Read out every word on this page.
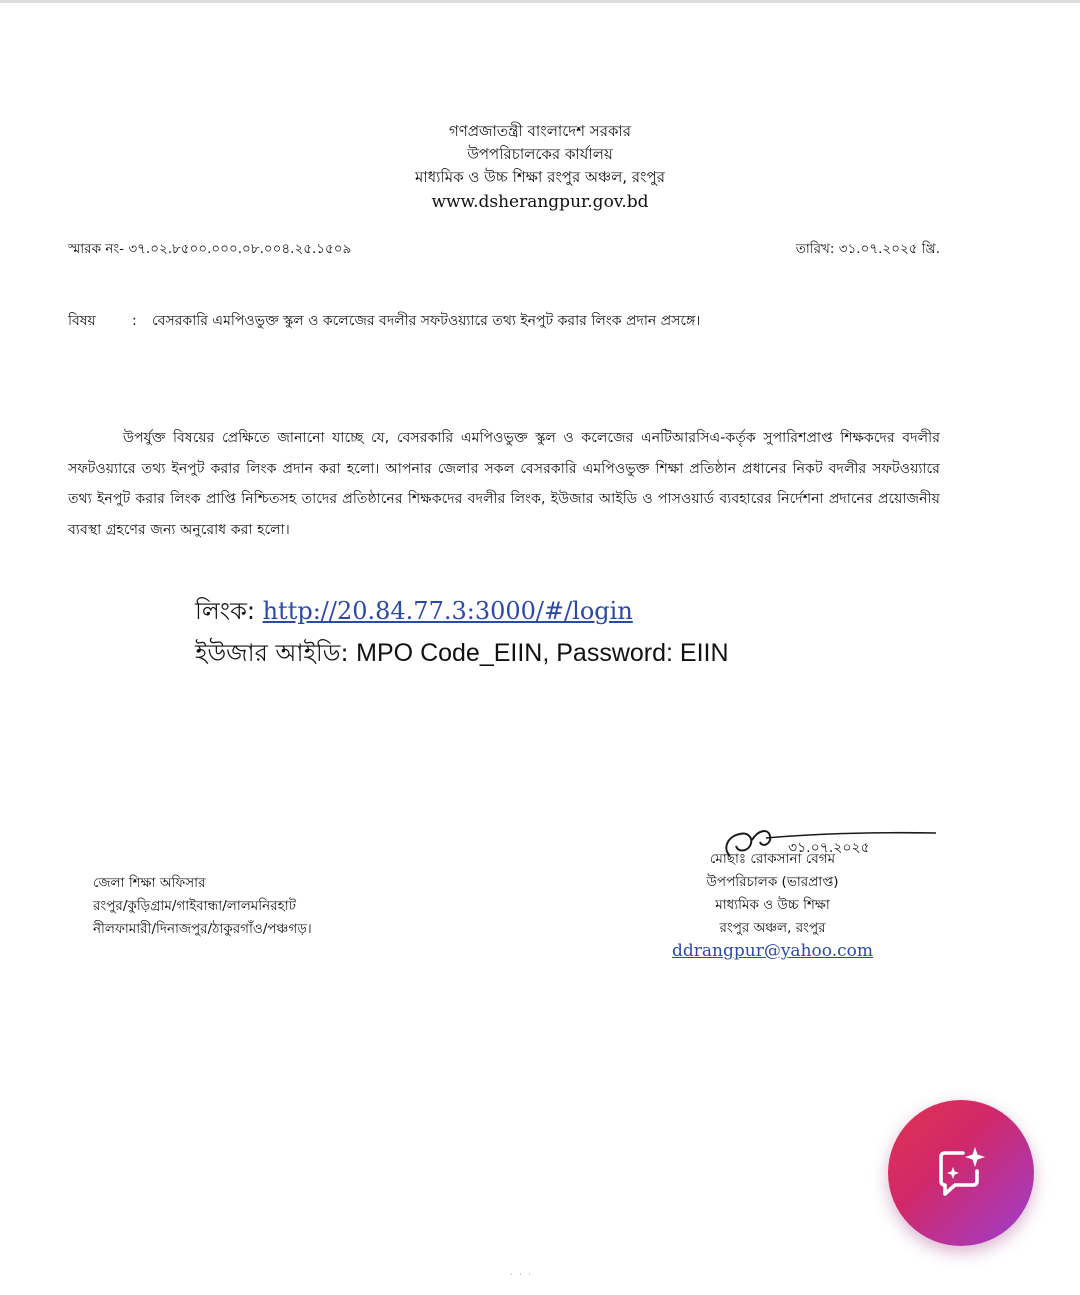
গণপ্রজাতন্ত্রী বাংলাদেশ সরকার
উপপরিচালকের কার্যালয়
মাধ্যমিক ও উচ্চ শিক্ষা রংপুর অঞ্চল, রংপুর
www.dsherangpur.gov.bd
স্মারক নং- ৩৭.০২.৮৫০০.০০০.০৮.০০৪.২৫.১৫০৯	তারিখ: ৩১.০৭.২০২৫ খ্রি.
বিষয়	: বেসরকারি এমপিওভুক্ত স্কুল ও কলেজের বদলীর সফটওয়্যারে তথ্য ইনপুট করার লিংক প্রদান প্রসঙ্গে।
উপর্যুক্ত বিষয়ের প্রেক্ষিতে জানানো যাচ্ছে যে, বেসরকারি এমপিওভুক্ত স্কুল ও কলেজের এনটিআরসিএ-কর্তৃক সুপারিশপ্রাপ্ত শিক্ষকদের বদলীর সফটওয়্যারে তথ্য ইনপুট করার লিংক প্রদান করা হলো। আপনার জেলার সকল বেসরকারি এমপিওভুক্ত শিক্ষা প্রতিষ্ঠান প্রধানের নিকট বদলীর সফটওয়্যারে তথ্য ইনপুট করার লিংক প্রাপ্তি নিশ্চিতসহ তাদের প্রতিষ্ঠানের শিক্ষকদের বদলীর লিংক, ইউজার আইডি ও পাসওয়ার্ড ব্যবহারের নির্দেশনা প্রদানের প্রয়োজনীয় ব্যবস্থা গ্রহণের জন্য অনুরোধ করা হলো।
লিংক: http://20.84.77.3:3000/#/login
ইউজার আইডি: MPO Code_EIIN, Password: EIIN
৩১.০৭.২০২৫
মোছাঃ রোকসানা বেগম
উপপরিচালক (ভারপ্রাপ্ত)
মাধ্যমিক ও উচ্চ শিক্ষা
রংপুর অঞ্চল, রংপুর
ddrangpur@yahoo.com
জেলা শিক্ষা অফিসার
রংপুর/কুড়িগ্রাম/গাইবান্ধা/লালমনিরহাট
নীলফামারী/দিনাজপুর/ঠাকুরগাঁও/পঞ্চগড়।
· · ·
